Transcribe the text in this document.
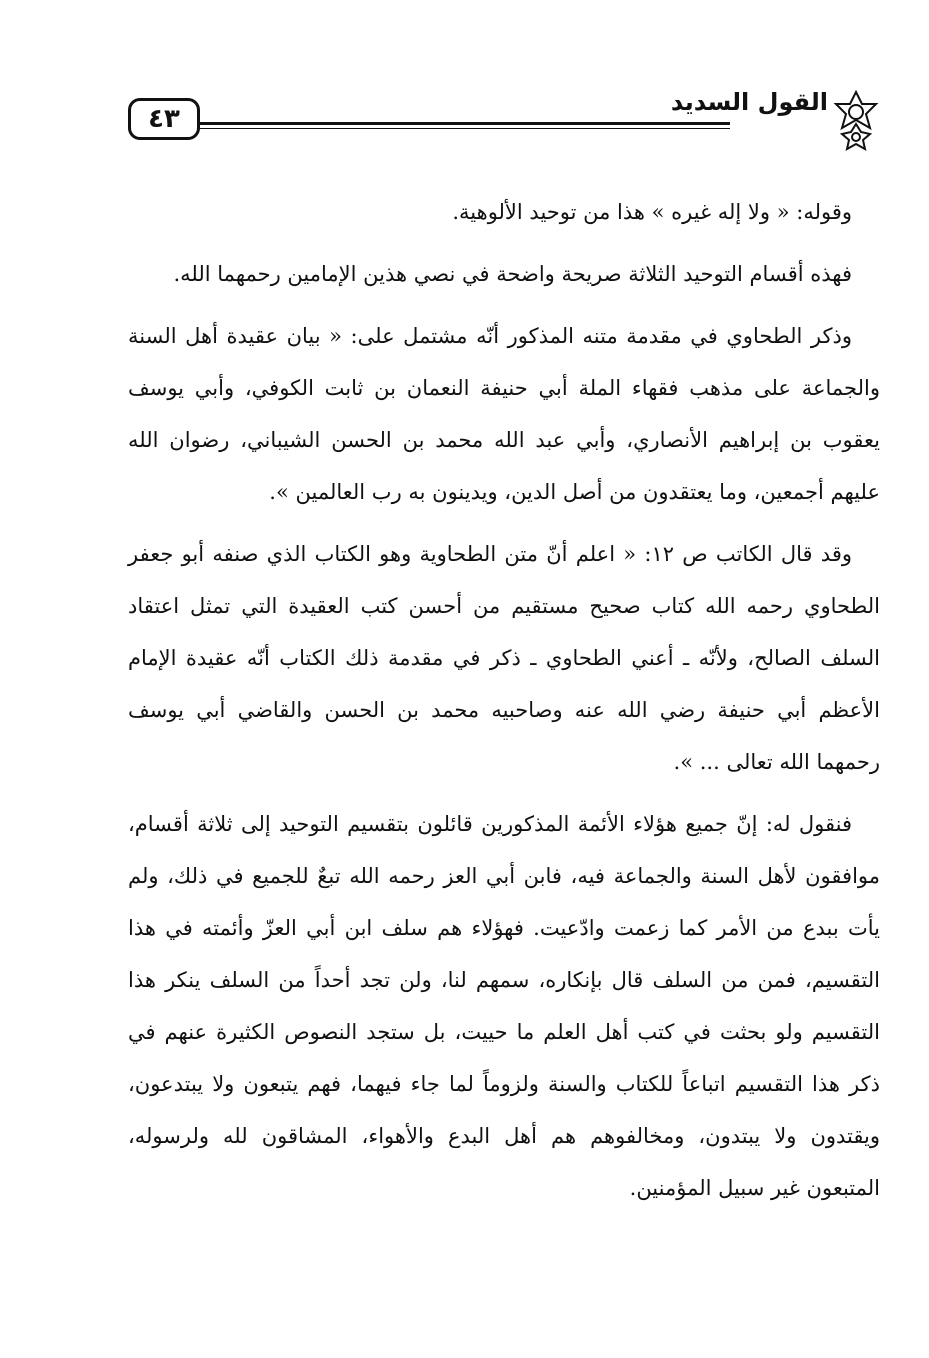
٤٣
القول السديد

وقوله: « ولا إله غيره » هذا من توحيد الألوهية.

فهذه أقسام التوحيد الثلاثة صريحة واضحة في نصي هذين الإمامين رحمهما الله.

وذكر الطحاوي في مقدمة متنه المذكور أنّه مشتمل على: « بيان عقيدة أهل السنة والجماعة على مذهب فقهاء الملة أبي حنيفة النعمان بن ثابت الكوفي، وأبي يوسف يعقوب بن إبراهيم الأنصاري، وأبي عبد الله محمد بن الحسن الشيباني، رضوان الله عليهم أجمعين، وما يعتقدون من أصل الدين، ويدينون به رب العالمين ».

وقد قال الكاتب ص ١٢: « اعلم أنّ متن الطحاوية وهو الكتاب الذي صنفه أبو جعفر الطحاوي رحمه الله كتاب صحيح مستقيم من أحسن كتب العقيدة التي تمثل اعتقاد السلف الصالح، ولأنّه ـ أعني الطحاوي ـ ذكر في مقدمة ذلك الكتاب أنّه عقيدة الإمام الأعظم أبي حنيفة رضي الله عنه وصاحبيه محمد بن الحسن والقاضي أبي يوسف رحمهما الله تعالى ... ».

فنقول له: إنّ جميع هؤلاء الأئمة المذكورين قائلون بتقسيم التوحيد إلى ثلاثة أقسام، موافقون لأهل السنة والجماعة فيه، فابن أبي العز رحمه الله تبعٌ للجميع في ذلك، ولم يأت ببدع من الأمر كما زعمت وادّعيت. فهؤلاء هم سلف ابن أبي العزّ وأئمته في هذا التقسيم، فمن من السلف قال بإنكاره، سمهم لنا، ولن تجد أحداً من السلف ينكر هذا التقسيم ولو بحثت في كتب أهل العلم ما حييت، بل ستجد النصوص الكثيرة عنهم في ذكر هذا التقسيم اتباعاً للكتاب والسنة ولزوماً لما جاء فيهما، فهم يتبعون ولا يبتدعون، ويقتدون ولا يبتدون، ومخالفوهم هم أهل البدع والأهواء، المشاقون لله ولرسوله، المتبعون غير سبيل المؤمنين.
